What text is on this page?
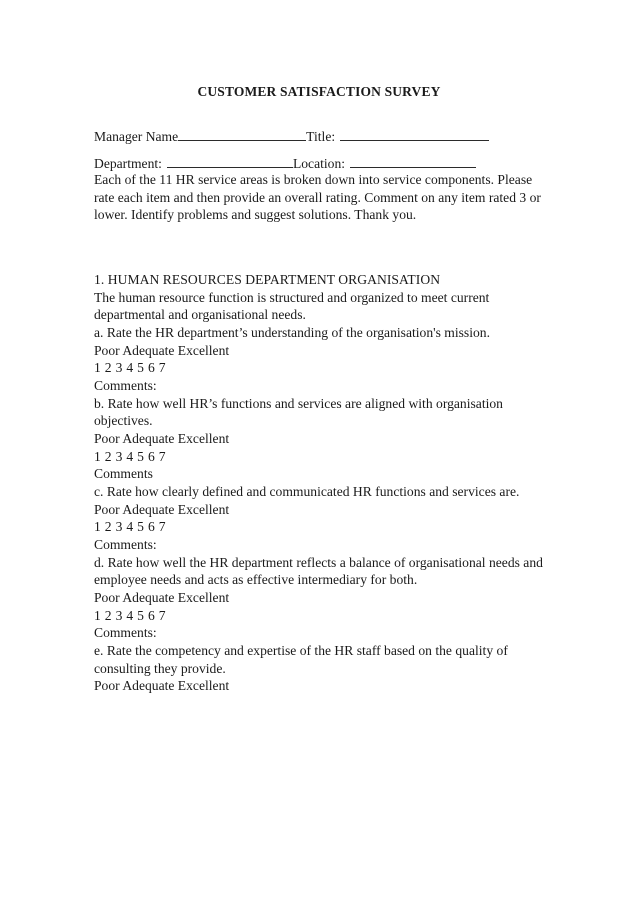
CUSTOMER SATISFACTION SURVEY
Manager Name	Title:
Department:	Location:

Each of the 11 HR service areas is broken down into service components. Please rate each item and then provide an overall rating. Comment on any item rated 3 or lower. Identify problems and suggest solutions. Thank you.

1. HUMAN RESOURCES DEPARTMENT ORGANISATION

The human resource function is structured and organized to meet current departmental and organisational needs.

a. Rate the HR department’s understanding of the organisation's mission.

Poor Adequate Excellent

1 2 3 4 5 6 7

Comments:

b. Rate how well HR’s functions and services are aligned with organisation objectives.

Poor Adequate Excellent

1 2 3 4 5 6 7

Comments

c. Rate how clearly defined and communicated HR functions and services are.

Poor Adequate Excellent

1 2 3 4 5 6 7

Comments:

d. Rate how well the HR department reflects a balance of organisational needs and employee needs and acts as effective intermediary for both.

Poor Adequate Excellent

1 2 3 4 5 6 7

Comments:

e. Rate the competency and expertise of the HR staff based on the quality of consulting they provide.

Poor Adequate Excellent
